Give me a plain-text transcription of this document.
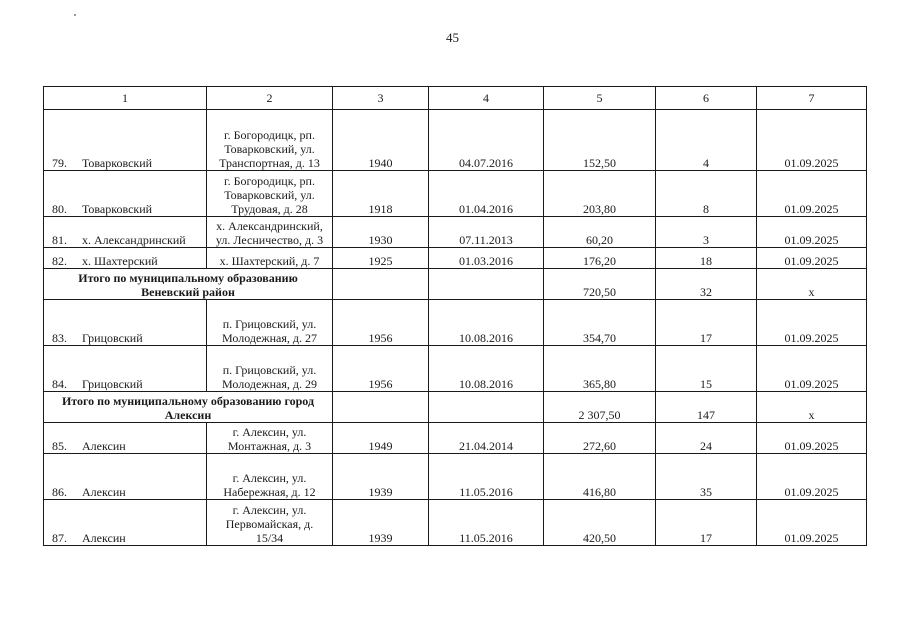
45
1	2	3	4	5	6	7
79. Товарковский	г. Богородицк, рп. Товарковский, ул. Транспортная, д. 13	1940	04.07.2016	152,50	4	01.09.2025
80. Товарковский	г. Богородицк, рп. Товарковский, ул. Трудовая, д. 28	1918	01.04.2016	203,80	8	01.09.2025
81. х. Александринский	х. Александринский, ул. Лесничество, д. 3	1930	07.11.2013	60,20	3	01.09.2025
82. х. Шахтерский	х. Шахтерский, д. 7	1925	01.03.2016	176,20	18	01.09.2025
Итого по муниципальному образованию Веневский район				720,50	32	х
83. Грицовский	п. Грицовский, ул. Молодежная, д. 27	1956	10.08.2016	354,70	17	01.09.2025
84. Грицовский	п. Грицовский, ул. Молодежная, д. 29	1956	10.08.2016	365,80	15	01.09.2025
Итого по муниципальному образованию город Алексин				2 307,50	147	х
85. Алексин	г. Алексин, ул. Монтажная, д. 3	1949	21.04.2014	272,60	24	01.09.2025
86. Алексин	г. Алексин, ул. Набережная, д. 12	1939	11.05.2016	416,80	35	01.09.2025
87. Алексин	г. Алексин, ул. Первомайская, д. 15/34	1939	11.05.2016	420,50	17	01.09.2025
